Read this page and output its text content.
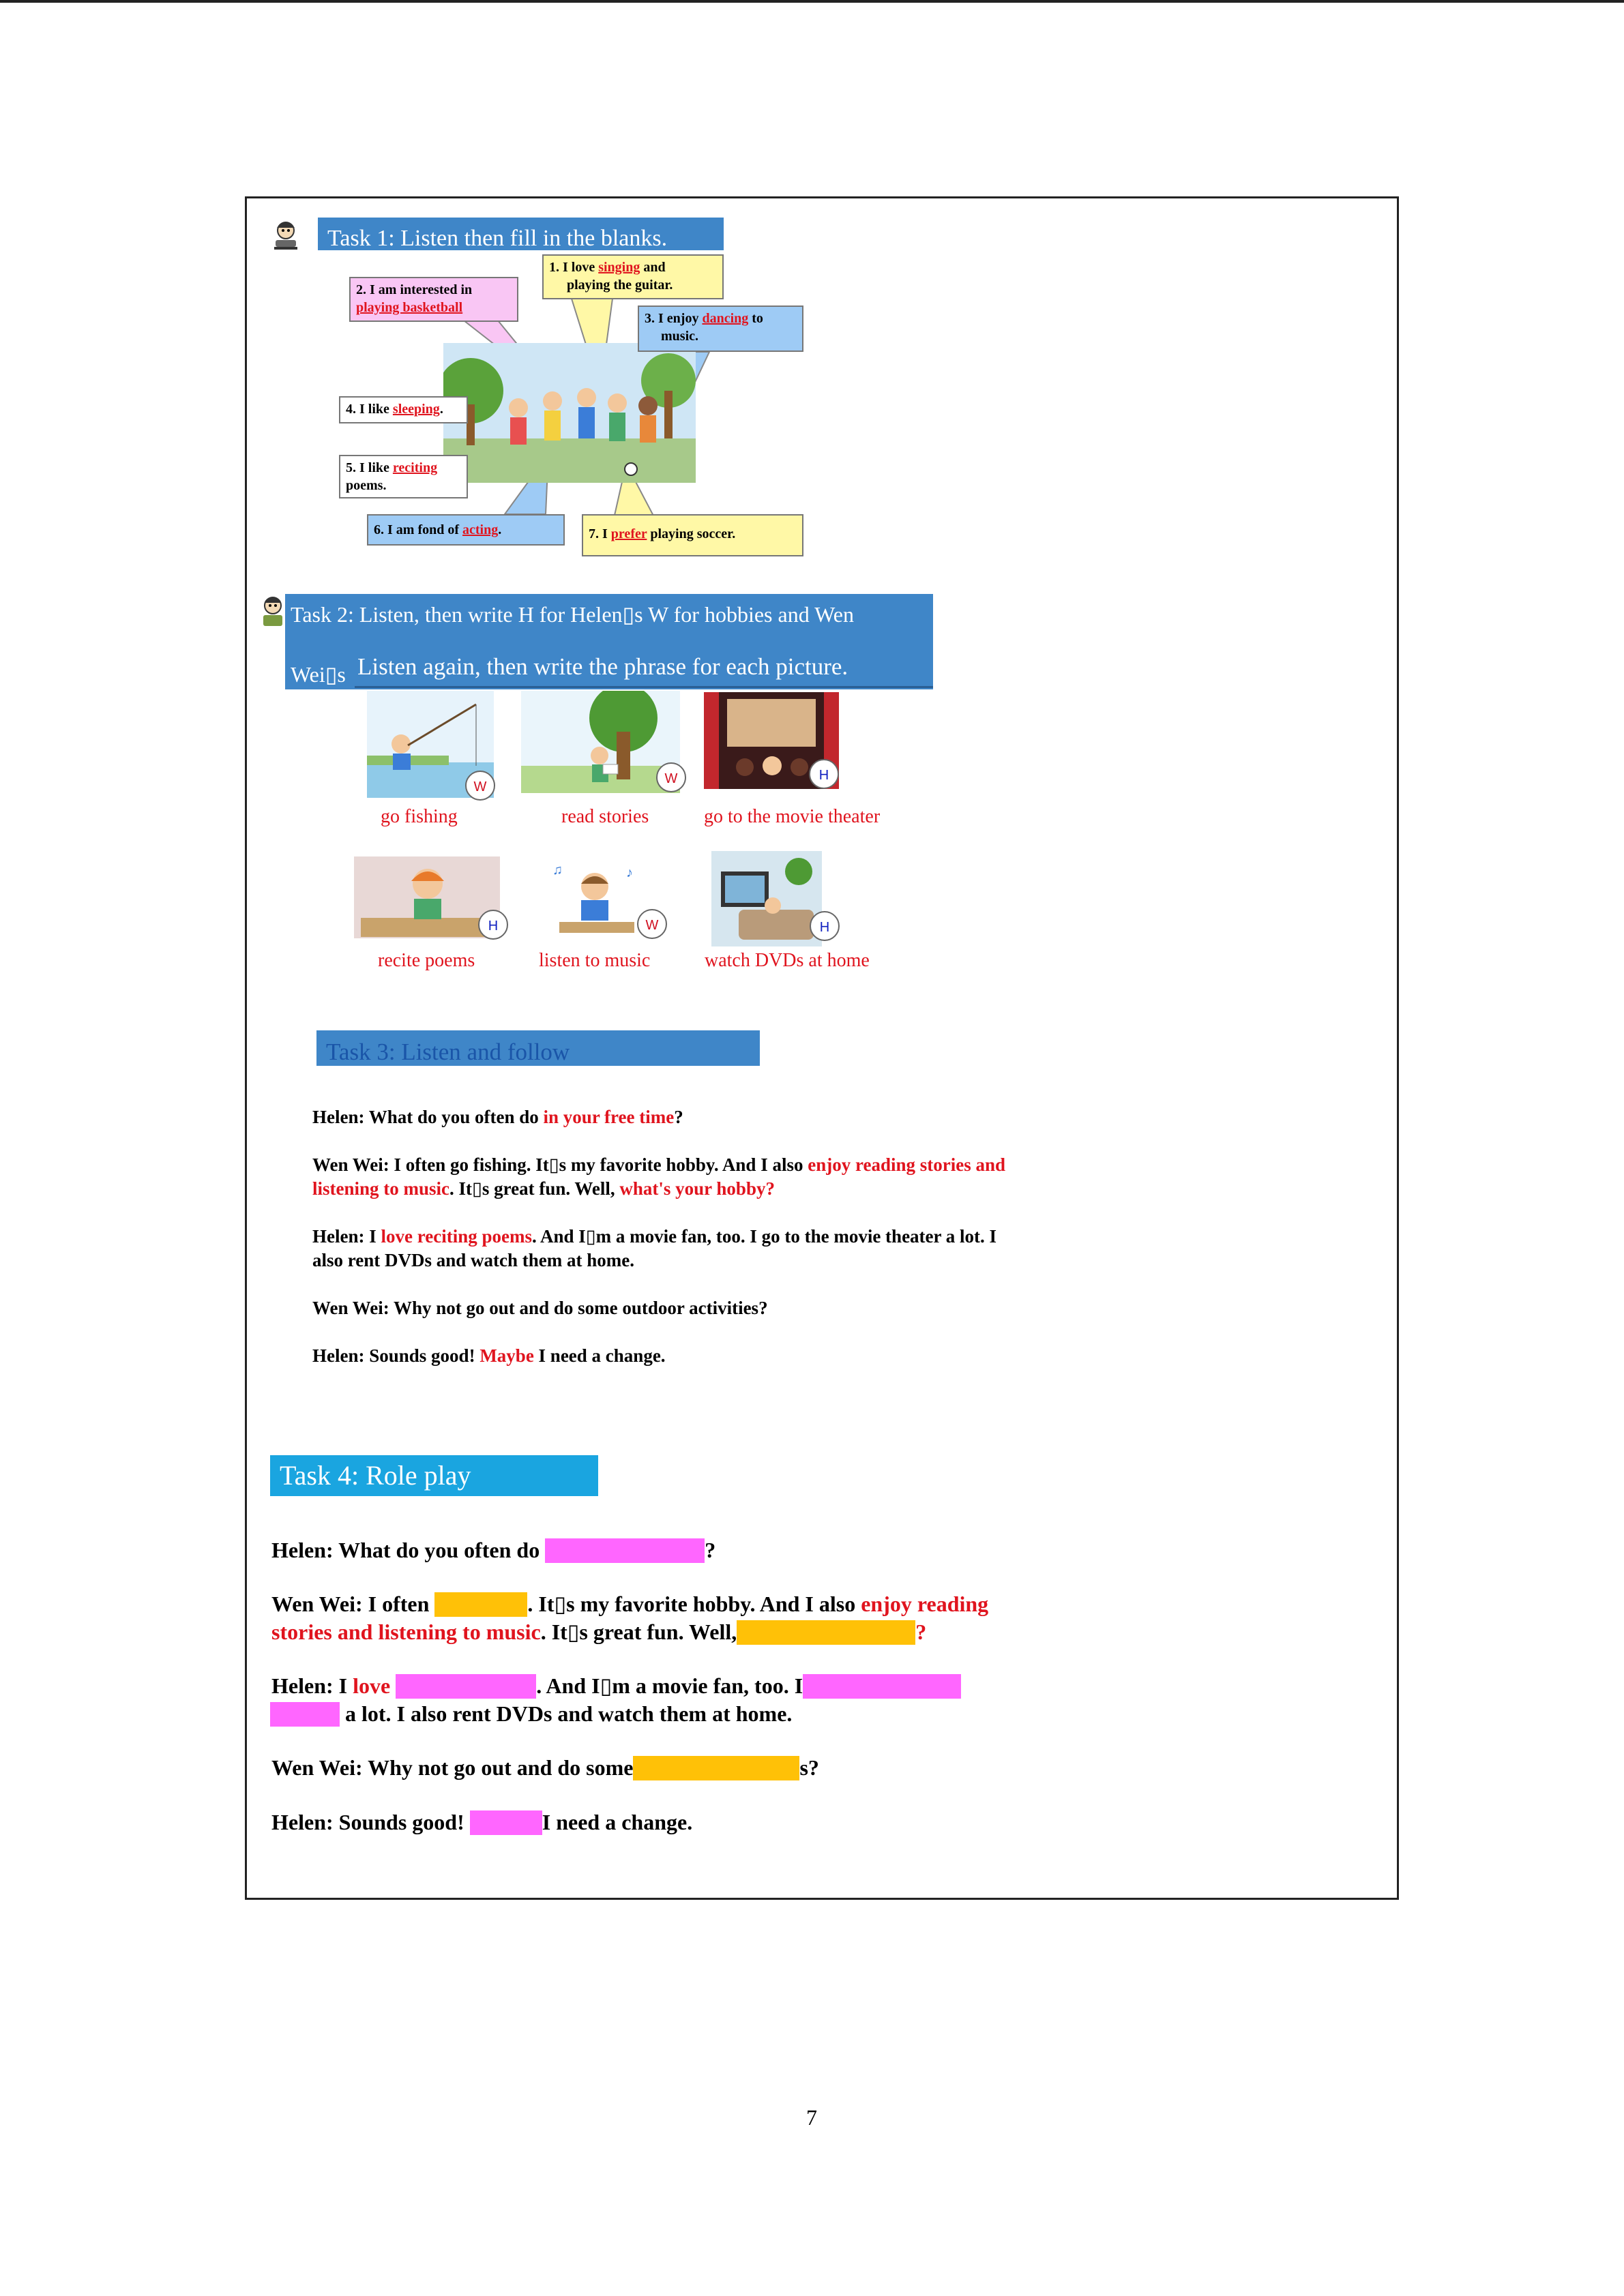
Task 1: Listen then fill in the blanks.
1. I love singing and
playing the guitar.
2. I am interested in
playing basketball
3. I enjoy dancing to
music.
4. I like sleeping.
5. I like reciting
poems.
6. I am fond of acting.	7. I prefer playing soccer.
Task 2: Listen, then write H for Helen▯s W for hobbies and Wen
Wei▯s Listen again, then write the phrase for each picture.
W
W	H
go fishing	read stories	go to the movie theater
H
♫	♪
W	H
recite poems	listen to music	watch DVDs at home
Task 3: Listen and follow
Helen: What do you often do in your free time?
Wen Wei: I often go fishing. It▯s my favorite hobby. And I also enjoy reading stories and listening to music. It▯s great fun. Well, what's your hobby?
Helen: I love reciting poems. And I▯m a movie fan, too. I go to the movie theater a lot. I also rent DVDs and watch them at home.
Wen Wei: Why not go out and do some outdoor activities?
Helen: Sounds good! Maybe I need a change.
Task 4: Role play
Helen: What do you often do	?
Wen Wei: I often	. It▯s my favorite hobby. And I also enjoy reading
stories and listening to music. It▯s great fun. Well,	?
Helen: I love	. And I▯m a movie fan, too. I
a lot. I also rent DVDs and watch them at home.
Wen Wei: Why not go out and do some	s?
Helen: Sounds good!	I need a change.
7
